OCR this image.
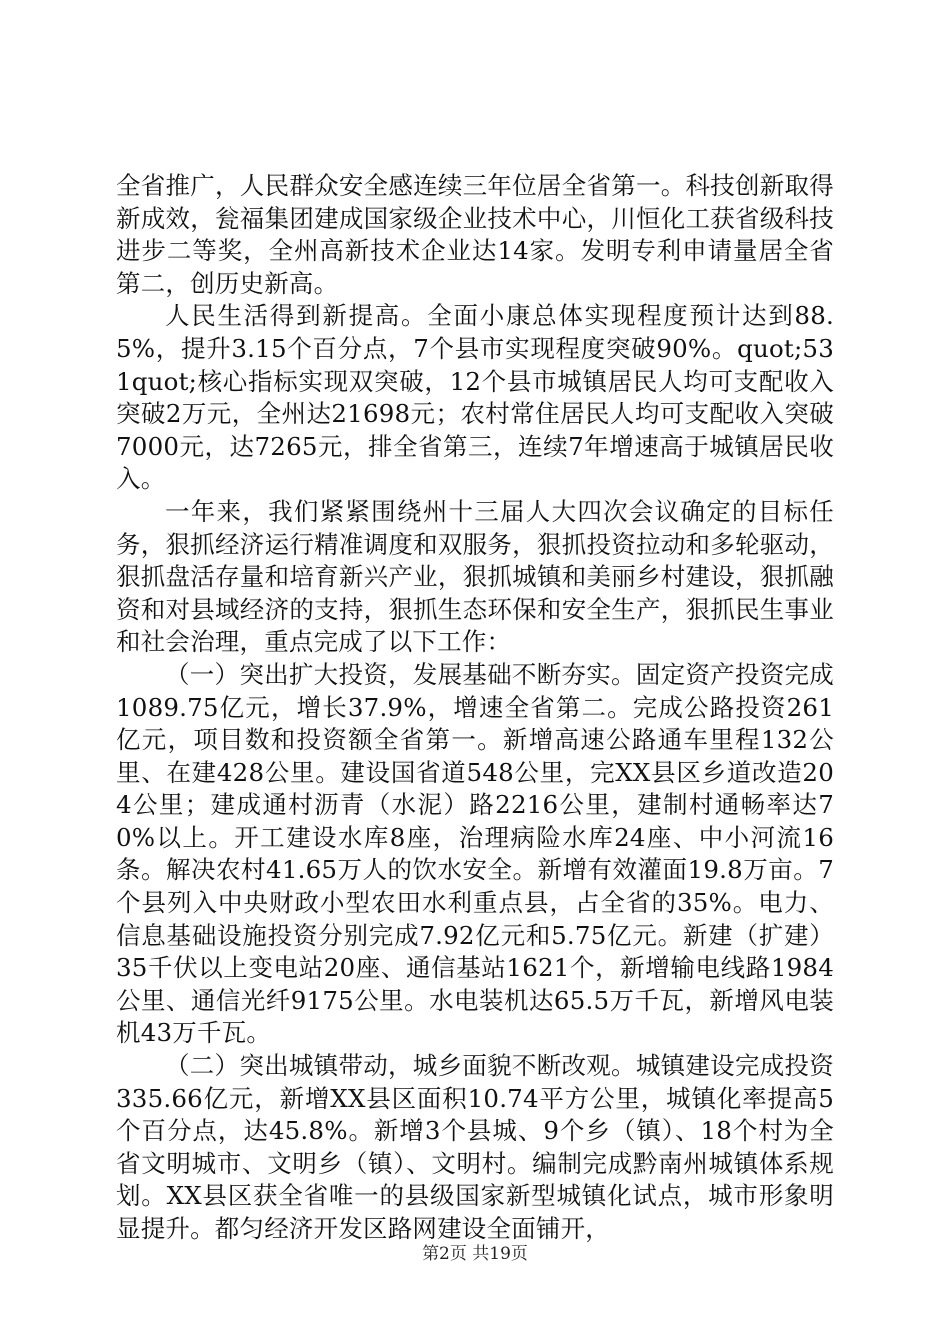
全省推广，人民群众安全感连续三年位居全省第一。科技创新取得新成效，瓮福集团建成国家级企业技术中心，川恒化工获省级科技进步二等奖，全州高新技术企业达14家。发明专利申请量居全省第二，创历史新高。

人民生活得到新提高。全面小康总体实现程度预计达到88.5%，提升3.15个百分点，7个县市实现程度突破90%。quot;531quot;核心指标实现双突破，12个县市城镇居民人均可支配收入突破2万元，全州达21698元；农村常住居民人均可支配收入突破7000元，达7265元，排全省第三，连续7年增速高于城镇居民收入。

一年来，我们紧紧围绕州十三届人大四次会议确定的目标任务，狠抓经济运行精准调度和双服务，狠抓投资拉动和多轮驱动，狠抓盘活存量和培育新兴产业，狠抓城镇和美丽乡村建设，狠抓融资和对县域经济的支持，狠抓生态环保和安全生产，狠抓民生事业和社会治理，重点完成了以下工作：

（一）突出扩大投资，发展基础不断夯实。固定资产投资完成1089.75亿元，增长37.9%，增速全省第二。完成公路投资261亿元，项目数和投资额全省第一。新增高速公路通车里程132公里、在建428公里。建设国省道548公里，完XX县区乡道改造204公里；建成通村沥青（水泥）路2216公里，建制村通畅率达70%以上。开工建设水库8座，治理病险水库24座、中小河流16条。解决农村41.65万人的饮水安全。新增有效灌面19.8万亩。7个县列入中央财政小型农田水利重点县，占全省的35%。电力、信息基础设施投资分别完成7.92亿元和5.75亿元。新建（扩建）35千伏以上变电站20座、通信基站1621个，新增输电线路1984公里、通信光纤9175公里。水电装机达65.5万千瓦，新增风电装机43万千瓦。

（二）突出城镇带动，城乡面貌不断改观。城镇建设完成投资335.66亿元，新增XX县区面积10.74平方公里，城镇化率提高5个百分点，达45.8%。新增3个县城、9个乡（镇）、18个村为全省文明城市、文明乡（镇）、文明村。编制完成黔南州城镇体系规划。XX县区获全省唯一的县级国家新型城镇化试点，城市形象明显提升。都匀经济开发区路网建设全面铺开，

第2页 共19页
